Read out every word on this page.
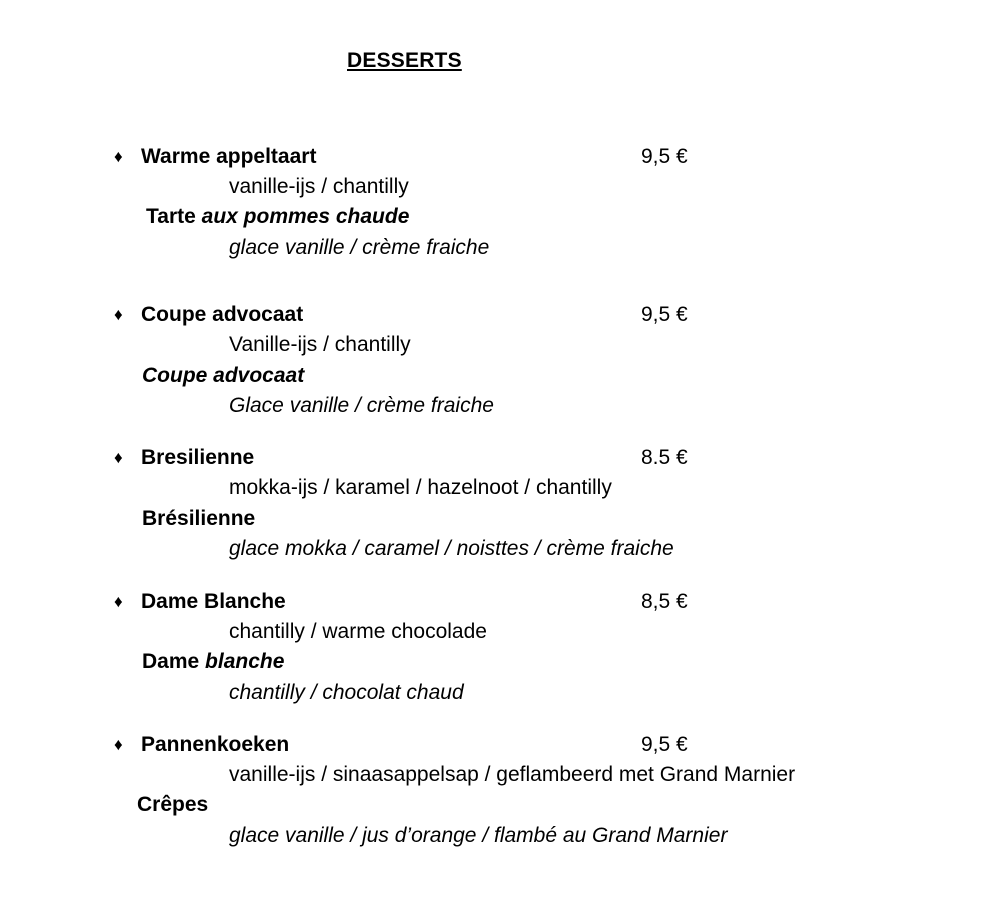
DESSERTS
♦ Warme appeltaart	9,5 €
vanille-ijs / chantilly
Tarte aux pommes chaude
glace vanille / crème fraiche
♦ Coupe advocaat	9,5 €
Vanille-ijs / chantilly
Coupe advocaat
Glace vanille / crème fraiche
♦ Bresilienne	8.5 €
mokka-ijs / karamel / hazelnoot / chantilly
Brésilienne
glace mokka / caramel / noisttes / crème fraiche
♦ Dame Blanche	8,5 €
chantilly / warme chocolade
Dame blanche
chantilly / chocolat chaud
♦ Pannenkoeken	9,5 €
vanille-ijs / sinaasappelsap / geflambeerd met Grand Marnier
Crêpes
glace vanille / jus d’orange / flambé au Grand Marnier
